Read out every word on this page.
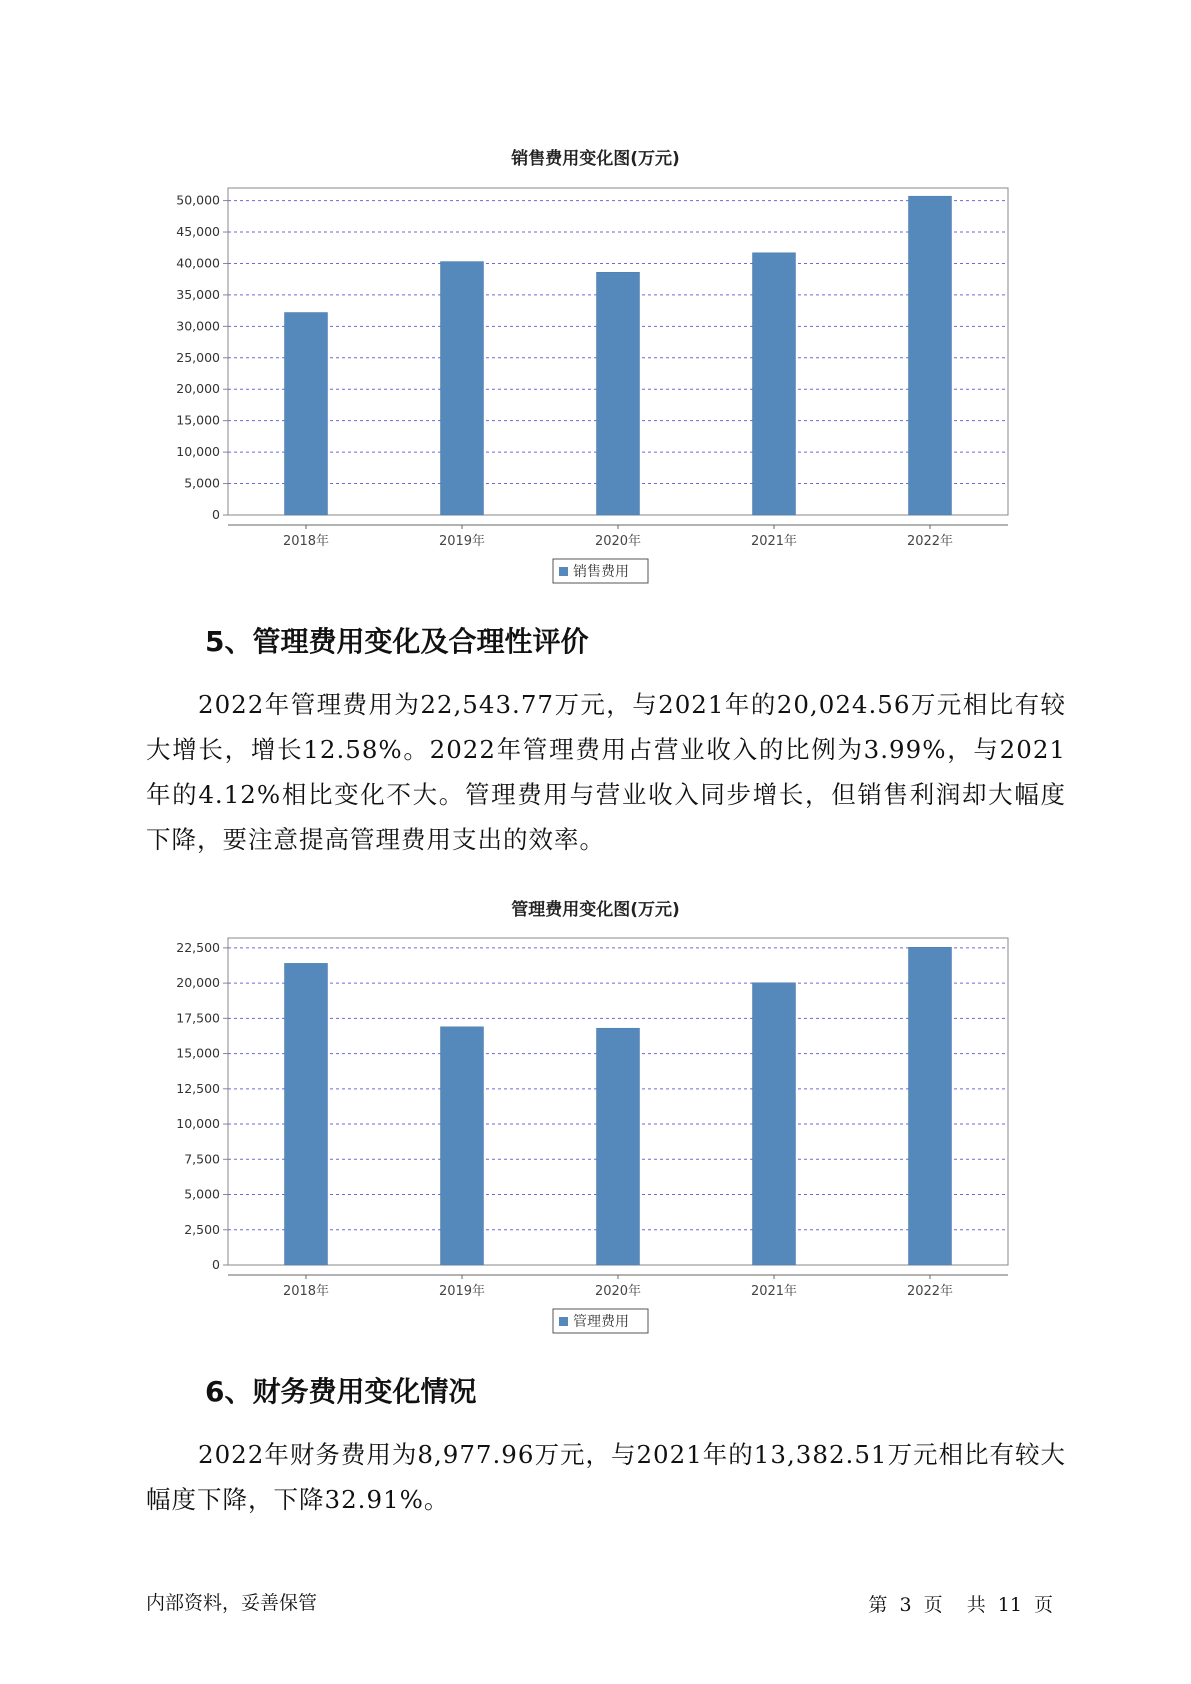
销售费用变化图(万元)
0
5,000
10,000
15,000
20,000
25,000
30,000
35,000
40,000
45,000
50,000
2018年	2019年	2020年	2021年	2022年
销售费用
5、管理费用变化及合理性评价

2022年管理费用为22,543.77万元，与2021年的20,024.56万元相比有较大增长，增长12.58%。2022年管理费用占营业收入的比例为3.99%，与2021年的4.12%相比变化不大。管理费用与营业收入同步增长，但销售利润却大幅度下降，要注意提高管理费用支出的效率。

管理费用变化图(万元)
0
2,500
5,000
7,500
10,000
12,500
15,000
17,500
20,000
22,500
2018年	2019年	2020年	2021年	2022年
管理费用
6、财务费用变化情况

2022年财务费用为8,977.96万元，与2021年的13,382.51万元相比有较大幅度下降，下降32.91%。

内部资料，妥善保管	第 3 页 共 11 页
